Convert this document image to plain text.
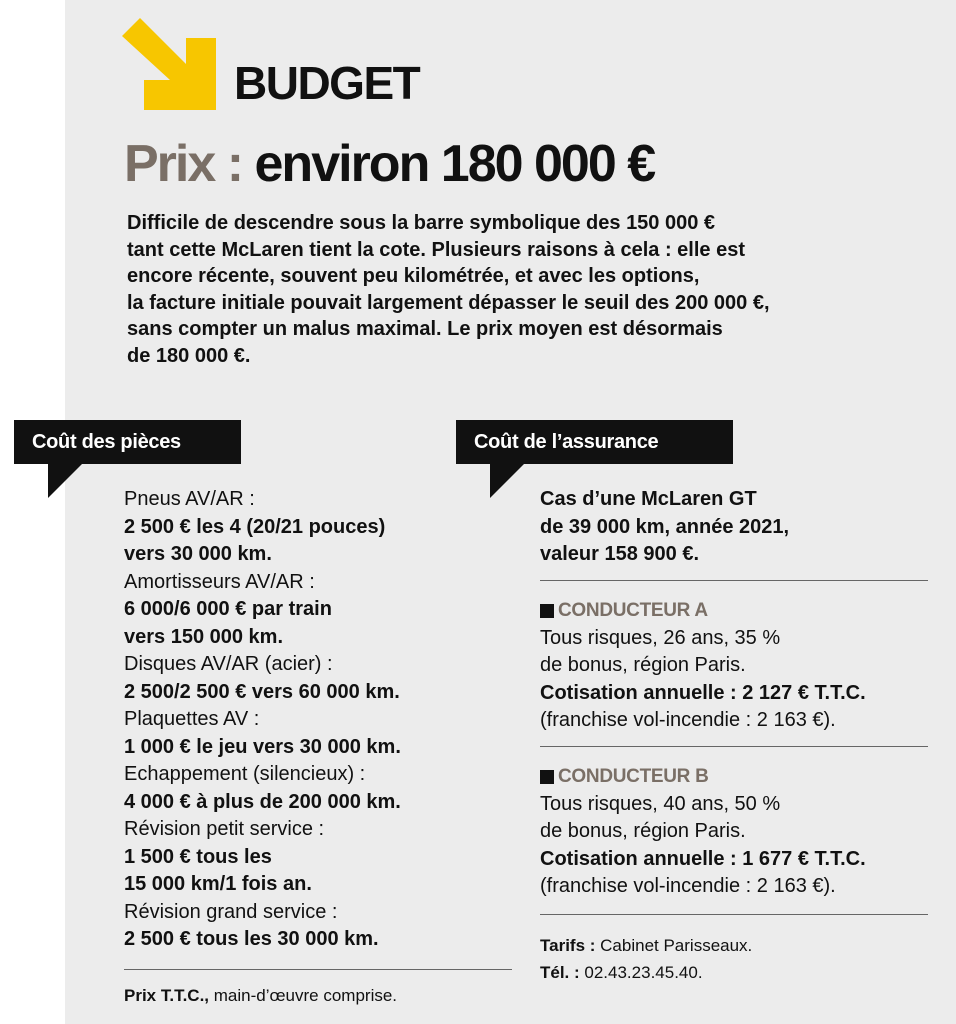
BUDGET
Prix : environ 180 000 €

Difficile de descendre sous la barre symbolique des 150 000 €

tant cette McLaren tient la cote. Plusieurs raisons à cela : elle est

encore récente, souvent peu kilométrée, et avec les options,

la facture initiale pouvait largement dépasser le seuil des 200 000 €,

sans compter un malus maximal. Le prix moyen est désormais

de 180 000 €.

Coût des pièces
Pneus AV/AR :
2 500 € les 4 (20/21 pouces)
vers 30 000 km.
Amortisseurs AV/AR :
6 000/6 000 € par train
vers 150 000 km.
Disques AV/AR (acier) :
2 500/2 500 € vers 60 000 km.
Plaquettes AV :
1 000 € le jeu vers 30 000 km.
Echappement (silencieux) :
4 000 € à plus de 200 000 km.
Révision petit service :
1 500 € tous les
15 000 km/1 fois an.
Révision grand service :
2 500 € tous les 30 000 km.
Prix T.T.C., main-d’œuvre comprise.
Coût de l’assurance
Cas d’une McLaren GT
de 39 000 km, année 2021,
valeur 158 900 €.
CONDUCTEUR A
Tous risques, 26 ans, 35 %
de bonus, région Paris.
Cotisation annuelle : 2 127 € T.T.C.
(franchise vol-incendie : 2 163 €).
CONDUCTEUR B
Tous risques, 40 ans, 50 %
de bonus, région Paris.
Cotisation annuelle : 1 677 € T.T.C.
(franchise vol-incendie : 2 163 €).
Tarifs : Cabinet Parisseaux.
Tél. : 02.43.23.45.40.
